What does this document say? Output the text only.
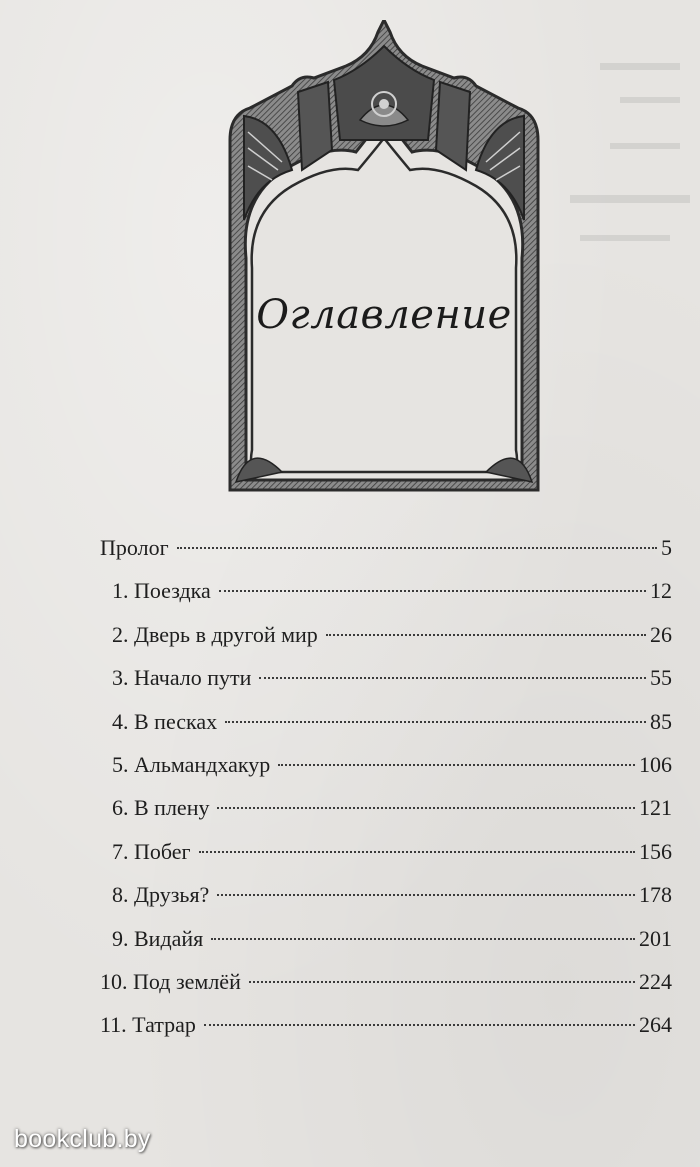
Оглавление
Пролог	5
1. Поездка	12
2. Дверь в другой мир	26
3. Начало пути	55
4. В песках	85
5. Альмандхакур	106
6. В плену	121
7. Побег	156
8. Друзья?	178
9. Видайя	201
10. Под землёй	224
11. Татрар	264
bookclub.by
